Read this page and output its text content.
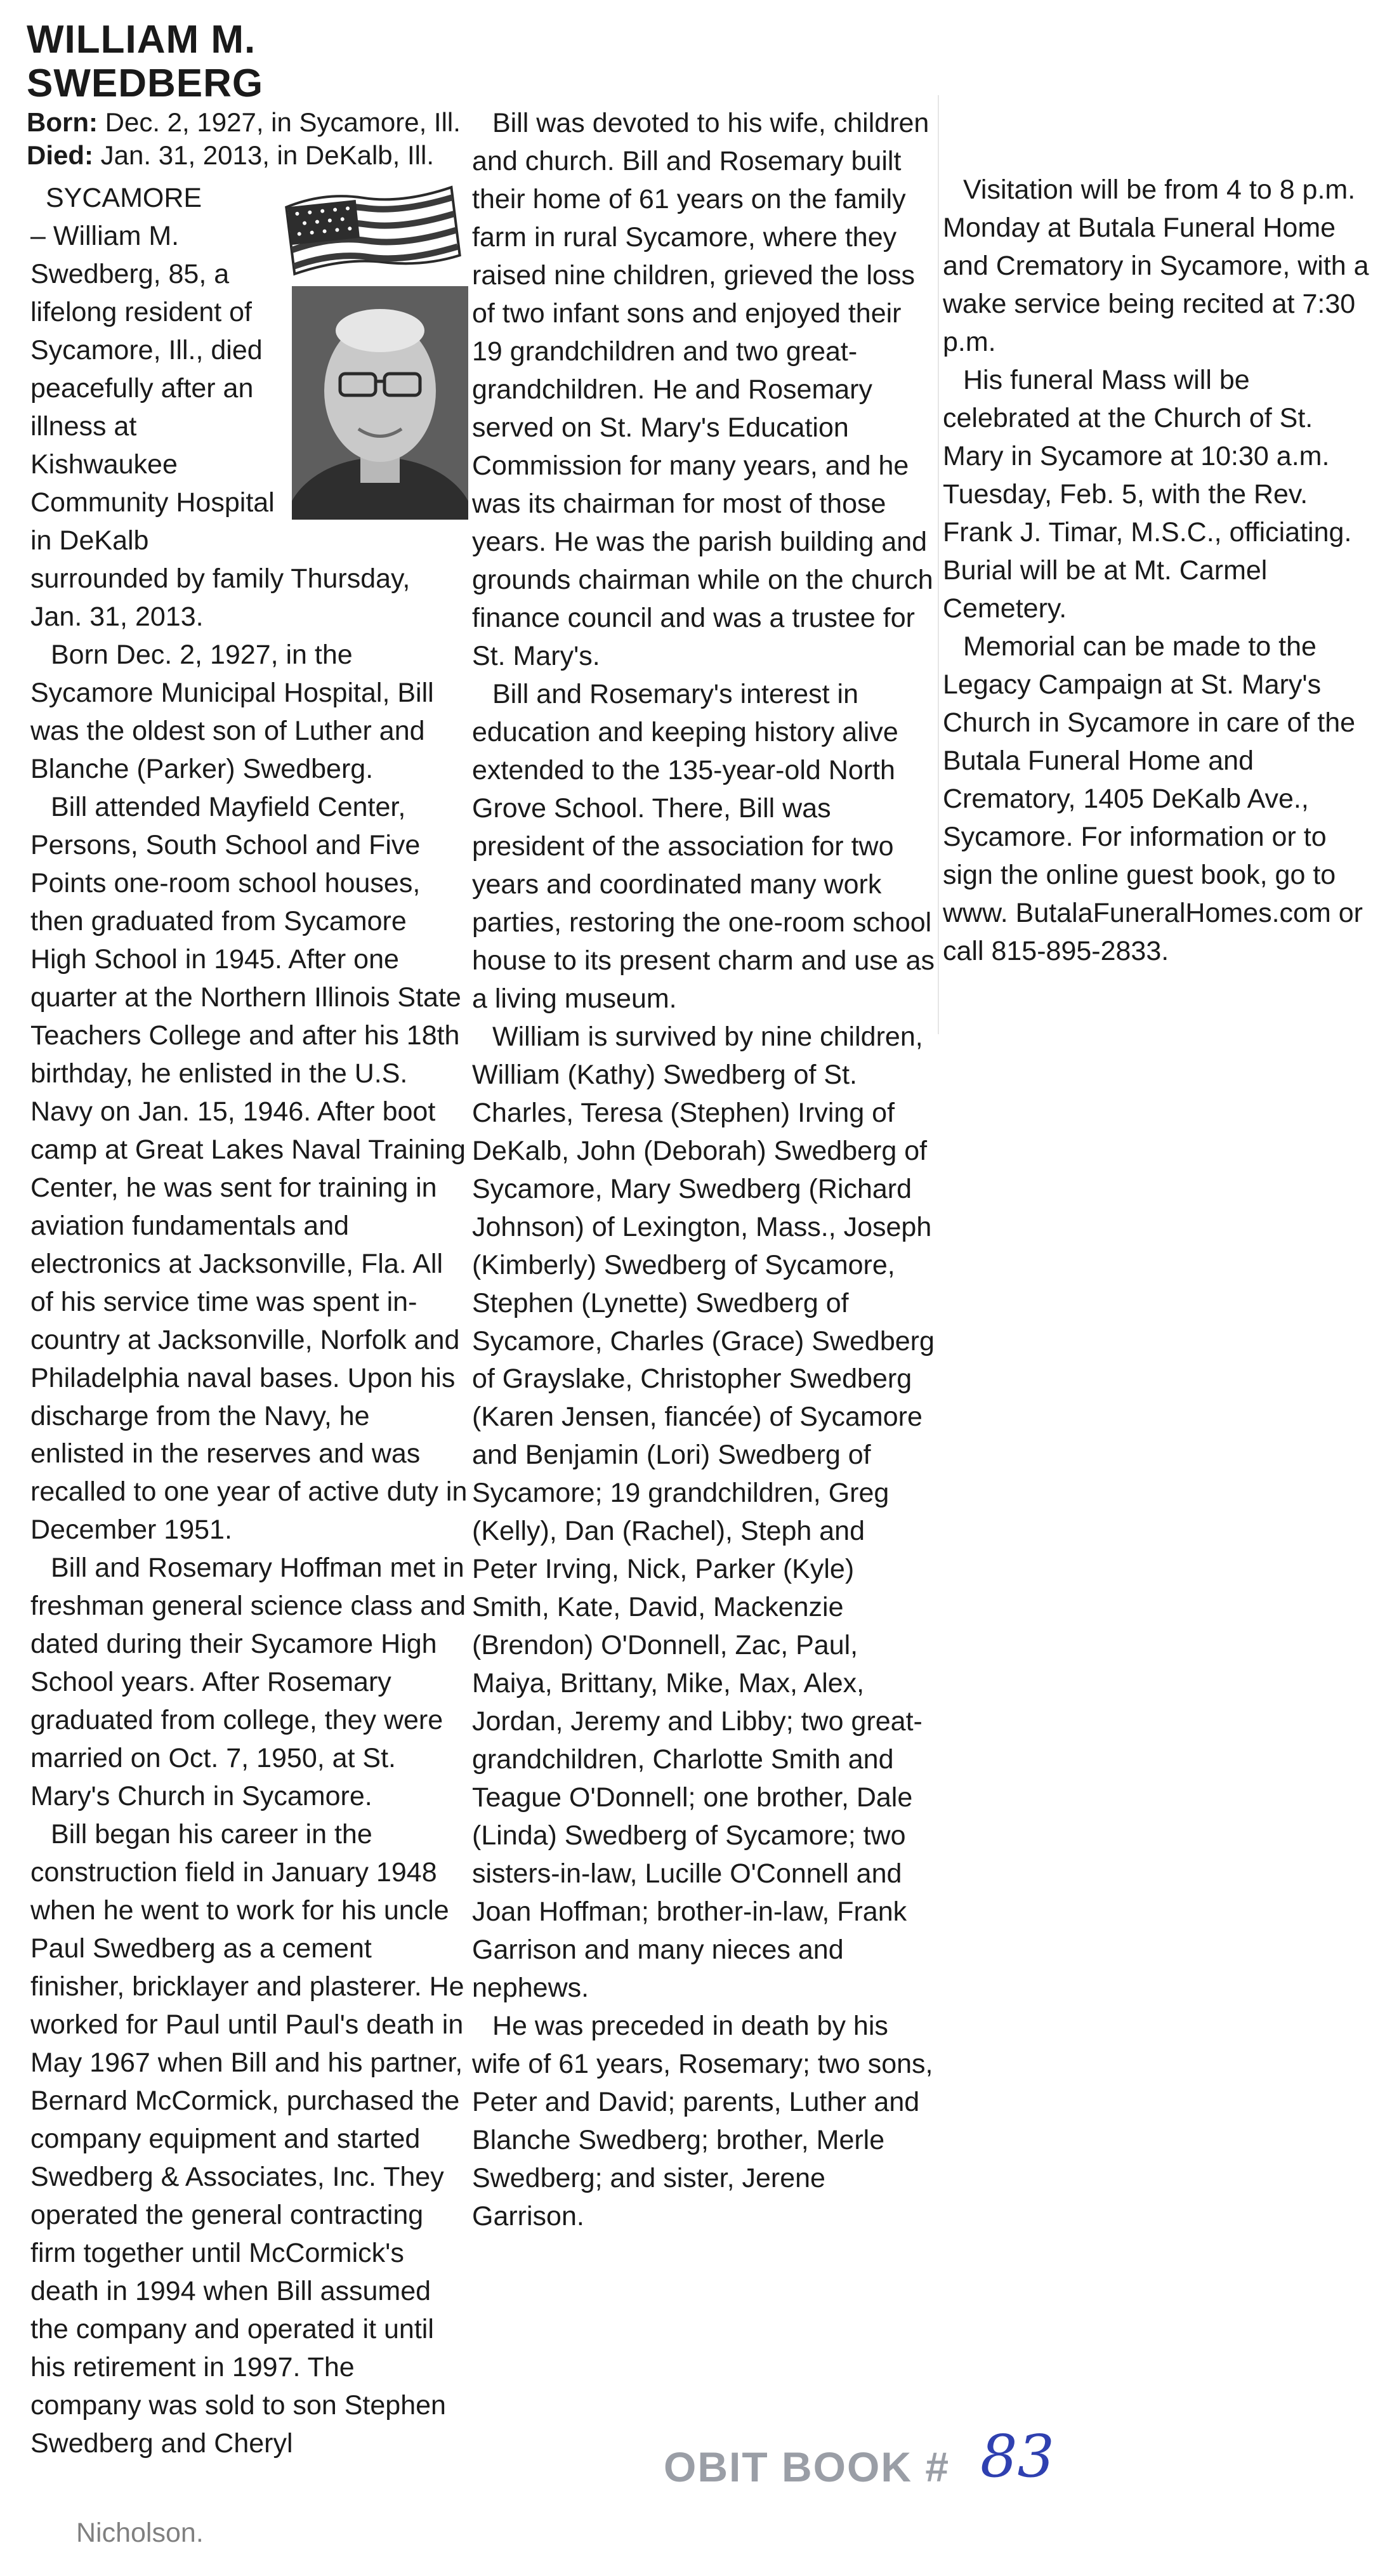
WILLIAM M. SWEDBERG
Born: Dec. 2, 1927, in Sycamore, Ill.
Died: Jan. 31, 2013, in DeKalb, Ill.

SYCAMORE

– William M. Swedberg, 85, a lifelong resident of Sycamore, Ill., died peacefully after an illness at Kishwaukee Community Hospital in DeKalb surrounded by family Thursday, Jan. 31, 2013.

Born Dec. 2, 1927, in the Sycamore Municipal Hospital, Bill was the oldest son of Luther and Blanche (Parker) Swedberg.

Bill attended Mayfield Center, Persons, South School and Five Points one-room school houses, then graduated from Sycamore High School in 1945. After one quarter at the Northern Illinois State Teachers College and after his 18th birthday, he enlisted in the U.S. Navy on Jan. 15, 1946. After boot camp at Great Lakes Naval Training Center, he was sent for training in aviation fundamentals and electronics at Jacksonville, Fla. All of his service time was spent in-country at Jacksonville, Norfolk and Philadelphia naval bases. Upon his discharge from the Navy, he enlisted in the reserves and was recalled to one year of active duty in December 1951.

Bill and Rosemary Hoffman met in freshman general science class and dated during their Sycamore High School years. After Rosemary graduated from college, they were married on Oct. 7, 1950, at St. Mary's Church in Sycamore.

Bill began his career in the construction field in January 1948 when he went to work for his uncle Paul Swedberg as a cement finisher, bricklayer and plasterer. He worked for Paul until Paul's death in May 1967 when Bill and his partner, Bernard McCormick, purchased the company equipment and started Swedberg & Associates, Inc. They operated the general contracting firm together until McCormick's death in 1994 when Bill assumed the company and operated it until his retirement in 1997. The company was sold to son Stephen Swedberg and Cheryl

Nicholson.

Bill was devoted to his wife, children and church. Bill and Rosemary built their home of 61 years on the family farm in rural Sycamore, where they raised nine children, grieved the loss of two infant sons and enjoyed their 19 grandchildren and two great-grandchildren. He and Rosemary served on St. Mary's Education Commission for many years, and he was its chairman for most of those years. He was the parish building and grounds chairman while on the church finance council and was a trustee for St. Mary's.

Bill and Rosemary's interest in education and keeping history alive extended to the 135-year-old North Grove School. There, Bill was president of the association for two years and coordinated many work parties, restoring the one-room school house to its present charm and use as a living museum.

William is survived by nine children, William (Kathy) Swedberg of St. Charles, Teresa (Stephen) Irving of DeKalb, John (Deborah) Swedberg of Sycamore, Mary Swedberg (Richard Johnson) of Lexington, Mass., Joseph (Kimberly) Swedberg of Sycamore, Stephen (Lynette) Swedberg of Sycamore, Charles (Grace) Swedberg of Grayslake, Christopher Swedberg (Karen Jensen, fiancée) of Sycamore and Benjamin (Lori) Swedberg of Sycamore; 19 grandchildren, Greg (Kelly), Dan (Rachel), Steph and Peter Irving, Nick, Parker (Kyle) Smith, Kate, David, Mackenzie (Brendon) O'Donnell, Zac, Paul, Maiya, Brittany, Mike, Max, Alex, Jordan, Jeremy and Libby; two great-grandchildren, Charlotte Smith and Teague O'Donnell; one brother, Dale (Linda) Swedberg of Sycamore; two sisters-in-law, Lucille O'Connell and Joan Hoffman; brother-in-law, Frank Garrison and many nieces and nephews.

He was preceded in death by his wife of 61 years, Rosemary; two sons, Peter and David; parents, Luther and Blanche Swedberg; brother, Merle Swedberg; and sister, Jerene Garrison.

Visitation will be from 4 to 8 p.m. Monday at Butala Funeral Home and Crematory in Sycamore, with a wake service being recited at 7:30 p.m.

His funeral Mass will be celebrated at the Church of St. Mary in Sycamore at 10:30 a.m. Tuesday, Feb. 5, with the Rev. Frank J. Timar, M.S.C., officiating. Burial will be at Mt. Carmel Cemetery.

Memorial can be made to the Legacy Campaign at St. Mary's Church in Sycamore in care of the Butala Funeral Home and Crematory, 1405 DeKalb Ave., Sycamore. For information or to sign the online guest book, go to www. ButalaFuneralHomes.com or call 815-895-2833.

OBIT BOOK # 83
